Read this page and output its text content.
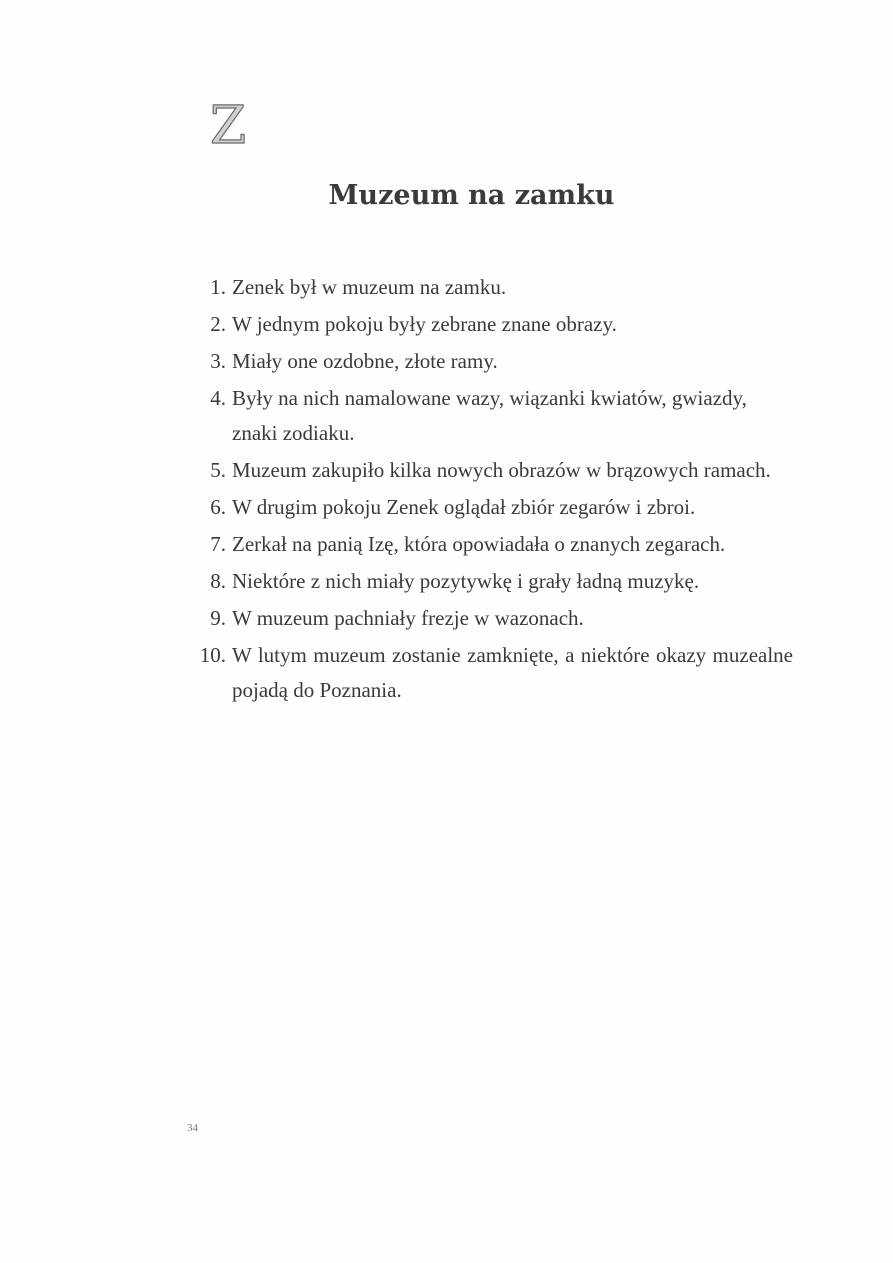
Z
Muzeum na zamku
1. Zenek był w muzeum na zamku.
2. W jednym pokoju były zebrane znane obrazy.
3. Miały one ozdobne, złote ramy.
4. Były na nich namalowane wazy, wiązanki kwiatów, gwiazdy, znaki zodiaku.
5. Muzeum zakupiło kilka nowych obrazów w brązowych ramach.
6. W drugim pokoju Zenek oglądał zbiór zegarów i zbroi.
7. Zerkał na panią Izę, która opowiadała o znanych zegarach.
8. Niektóre z nich miały pozytywkę i grały ładną muzykę.
9. W muzeum pachniały frezje w wazonach.
10. W lutym muzeum zostanie zamknięte, a niektóre okazy muzealne pojadą do Poznania.
34
